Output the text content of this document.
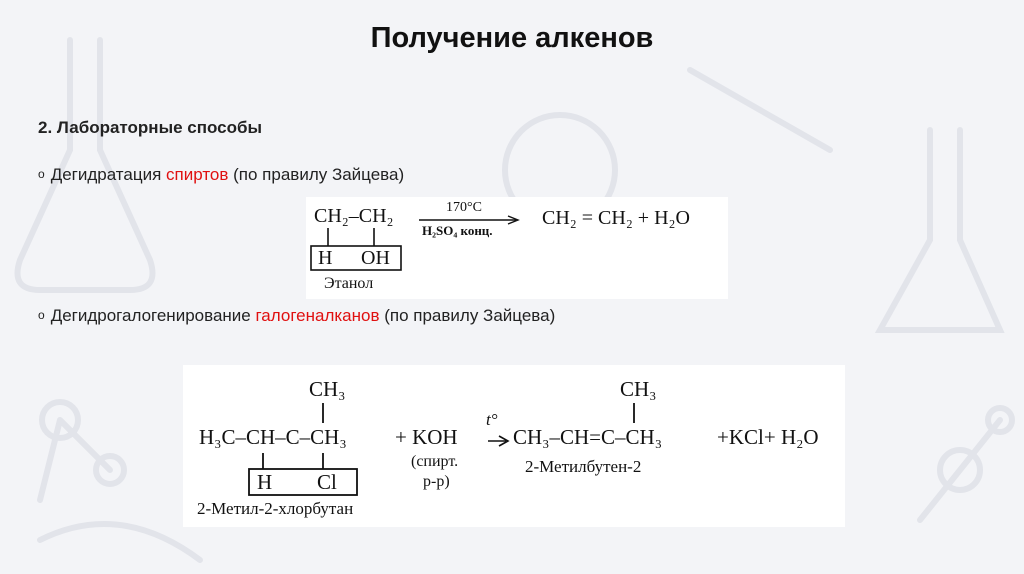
Получение алкенов
2. Лабораторные способы
o Дегидратация спиртов (по правилу Зайцева)
CH₂–CH₂
H OH
Этанол
170°C
H₂SO₄ конц.
CH₂ = CH₂ + H₂O
o Дегидрогалогенирование галогеналканов (по правилу Зайцева)
CH₃
H₃C–CH–C–CH₃ + KOH
H Cl
2-Метил-2-хлорбутан
t°
(спирт.
р-р)
CH₃
CH₃–CH=C–CH₃	+KCl+ H₂O
2-Метилбутен-2
